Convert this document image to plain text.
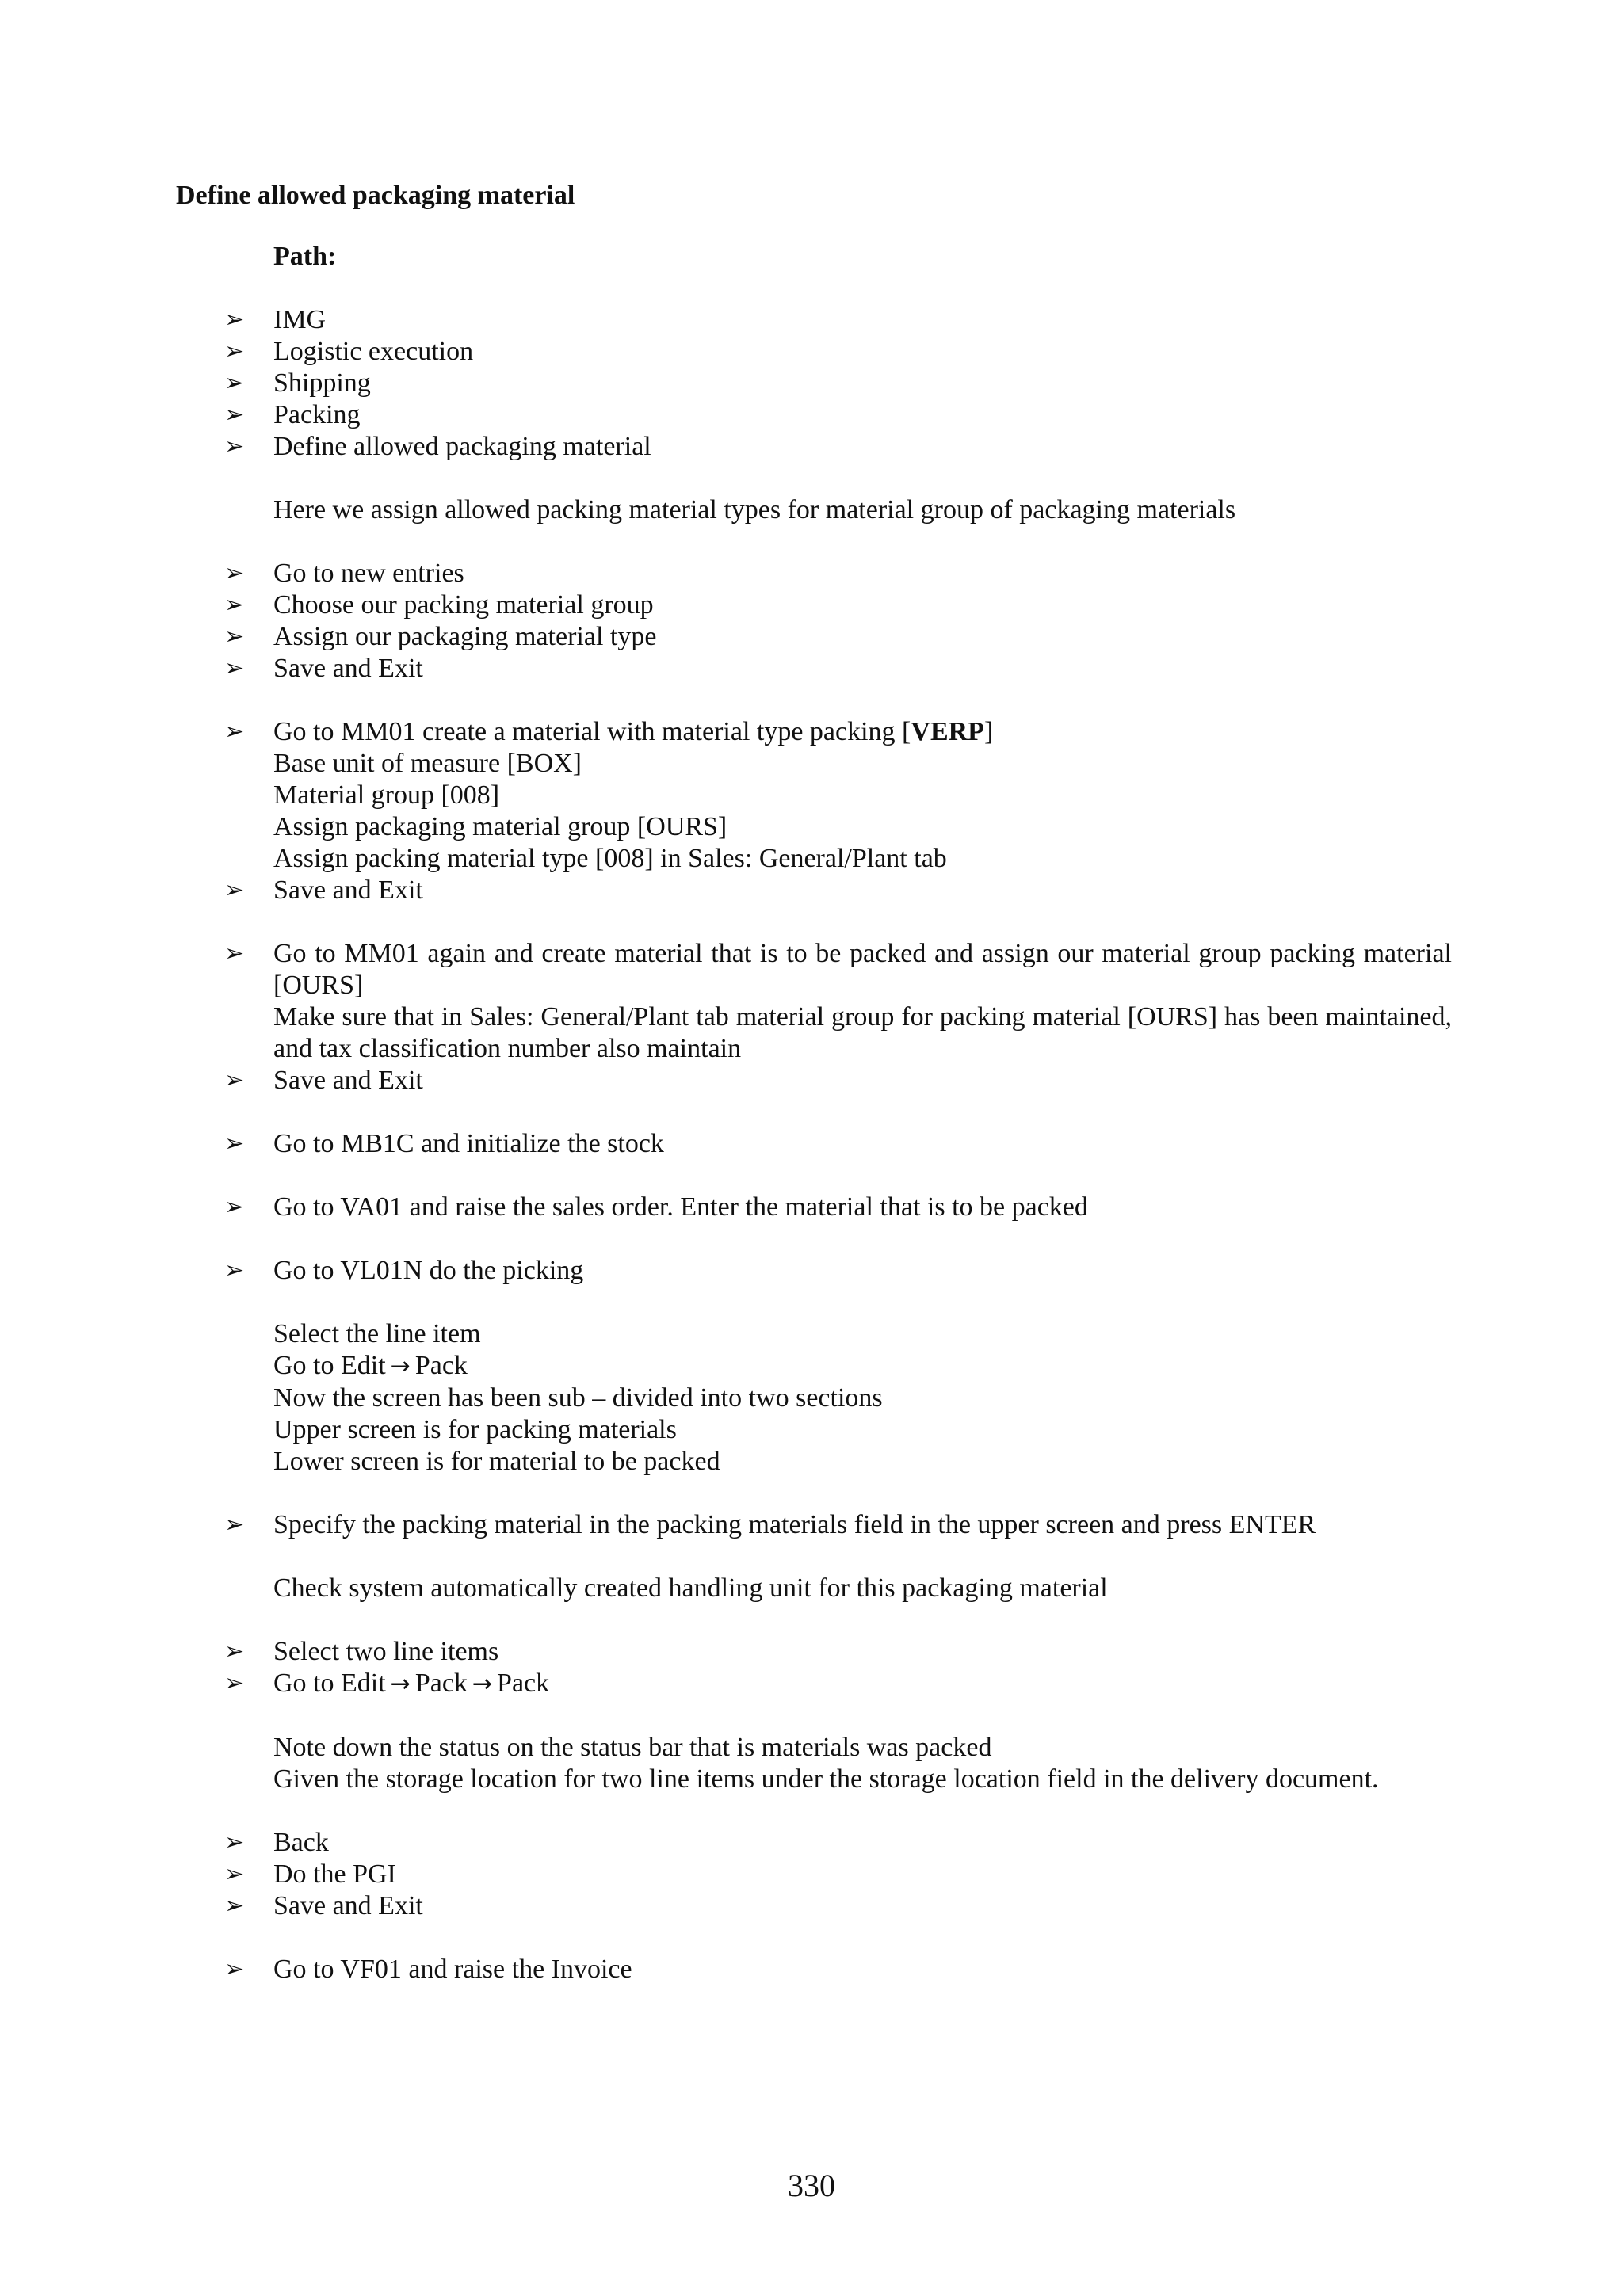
Define allowed packaging material
Path:
➢ IMG
➢ Logistic execution
➢ Shipping
➢ Packing
➢ Define allowed packaging material
Here we assign allowed packing material types for material group of packaging materials
➢ Go to new entries
➢ Choose our packing material group
➢ Assign our packaging material type
➢ Save and Exit
➢ Go to MM01 create a material with material type packing [VERP]
Base unit of measure [BOX]
Material group [008]
Assign packaging material group [OURS]
Assign packing material type [008] in Sales: General/Plant tab
➢ Save and Exit
➢ Go to MM01 again and create material that is to be packed and assign our material group packing material [OURS]
Make sure that in Sales: General/Plant tab material group for packing material [OURS] has been maintained, and tax classification number also maintain
➢ Save and Exit
➢ Go to MB1C and initialize the stock
➢ Go to VA01 and raise the sales order. Enter the material that is to be packed
➢ Go to VL01N do the picking
Select the line item
Go to Edit → Pack
Now the screen has been sub – divided into two sections
Upper screen is for packing materials
Lower screen is for material to be packed
➢ Specify the packing material in the packing materials field in the upper screen and press ENTER
Check system automatically created handling unit for this packaging material
➢ Select two line items
➢ Go to Edit → Pack → Pack
Note down the status on the status bar that is materials was packed
Given the storage location for two line items under the storage location field in the delivery document.
➢ Back
➢ Do the PGI
➢ Save and Exit
➢ Go to VF01 and raise the Invoice
330
